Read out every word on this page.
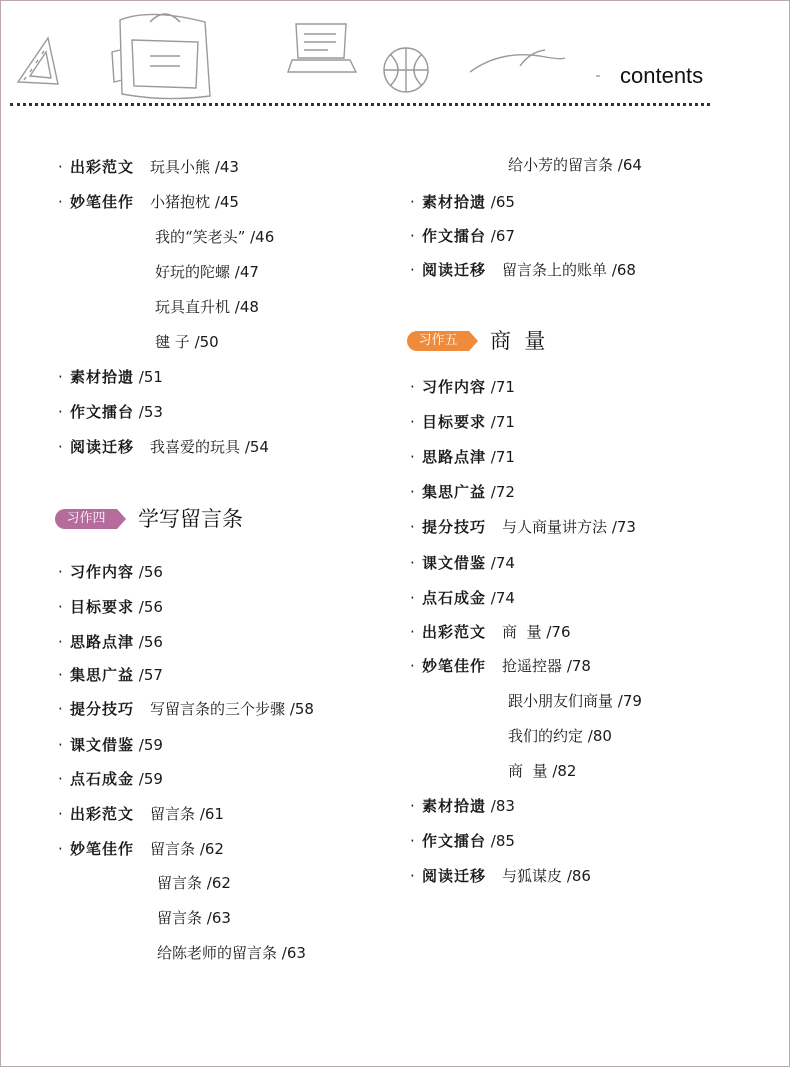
contents
· 出彩范文 玩具小熊 /43
· 妙笔佳作 小猪抱枕 /45
我的“笑老头” /46
好玩的陀螺 /47
玩具直升机 /48
毽 子 /50
· 素材拾遗 /51
· 作文擂台 /53
· 阅读迁移 我喜爱的玩具 /54
习作四	学写留言条
· 习作内容 /56
· 目标要求 /56
· 思路点津 /56
· 集思广益 /57
· 提分技巧 写留言条的三个步骤 /58
· 课文借鉴 /59
· 点石成金 /59
· 出彩范文 留言条 /61
· 妙笔佳作 留言条 /62
留言条 /62
留言条 /63
给陈老师的留言条 /63
给小芳的留言条 /64
· 素材拾遗 /65
· 作文擂台 /67
· 阅读迁移 留言条上的账单 /68
习作五	商  量
· 习作内容 /71
· 目标要求 /71
· 思路点津 /71
· 集思广益 /72
· 提分技巧 与人商量讲方法 /73
· 课文借鉴 /74
· 点石成金 /74
· 出彩范文 商  量 /76
· 妙笔佳作 抢遥控器 /78
跟小朋友们商量 /79
我们的约定 /80
商  量 /82
· 素材拾遗 /83
· 作文擂台 /85
· 阅读迁移 与狐谋皮 /86
